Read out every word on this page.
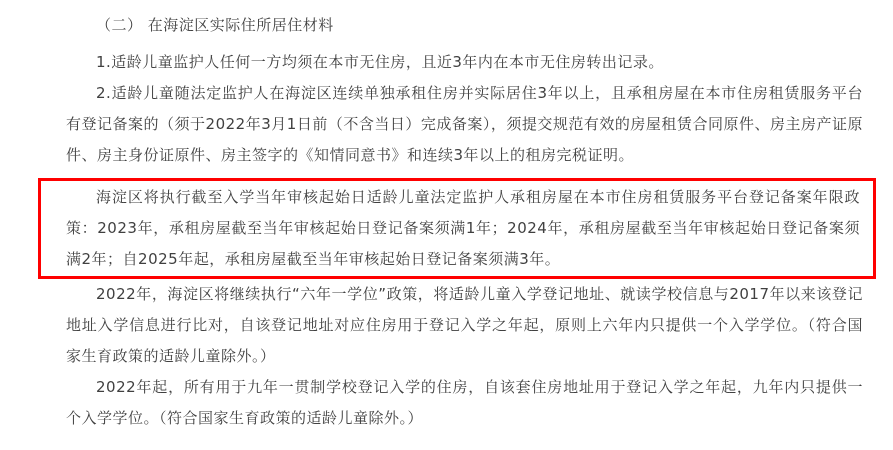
（二） 在海淀区实际住所居住材料

1.适龄儿童监护人任何一方均须在本市无住房，且近3年内在本市无住房转出记录。

2.适龄儿童随法定监护人在海淀区连续单独承租住房并实际居住3年以上，且承租房屋在本市住房租赁服务平台有登记备案的（须于2022年3月1日前（不含当日）完成备案），须提交规范有效的房屋租赁合同原件、房主房产证原件、房主身份证原件、房主签字的《知情同意书》和连续3年以上的租房完税证明。

海淀区将执行截至入学当年审核起始日适龄儿童法定监护人承租房屋在本市住房租赁服务平台登记备案年限政策：2023年，承租房屋截至当年审核起始日登记备案须满1年；2024年，承租房屋截至当年审核起始日登记备案须满2年；自2025年起，承租房屋截至当年审核起始日登记备案须满3年。

2022年，海淀区将继续执行“六年一学位”政策，将适龄儿童入学登记地址、就读学校信息与2017年以来该登记地址入学信息进行比对，自该登记地址对应住房用于登记入学之年起，原则上六年内只提供一个入学学位。（符合国家生育政策的适龄儿童除外。）

2022年起，所有用于九年一贯制学校登记入学的住房，自该套住房地址用于登记入学之年起，九年内只提供一个入学学位。（符合国家生育政策的适龄儿童除外。）
